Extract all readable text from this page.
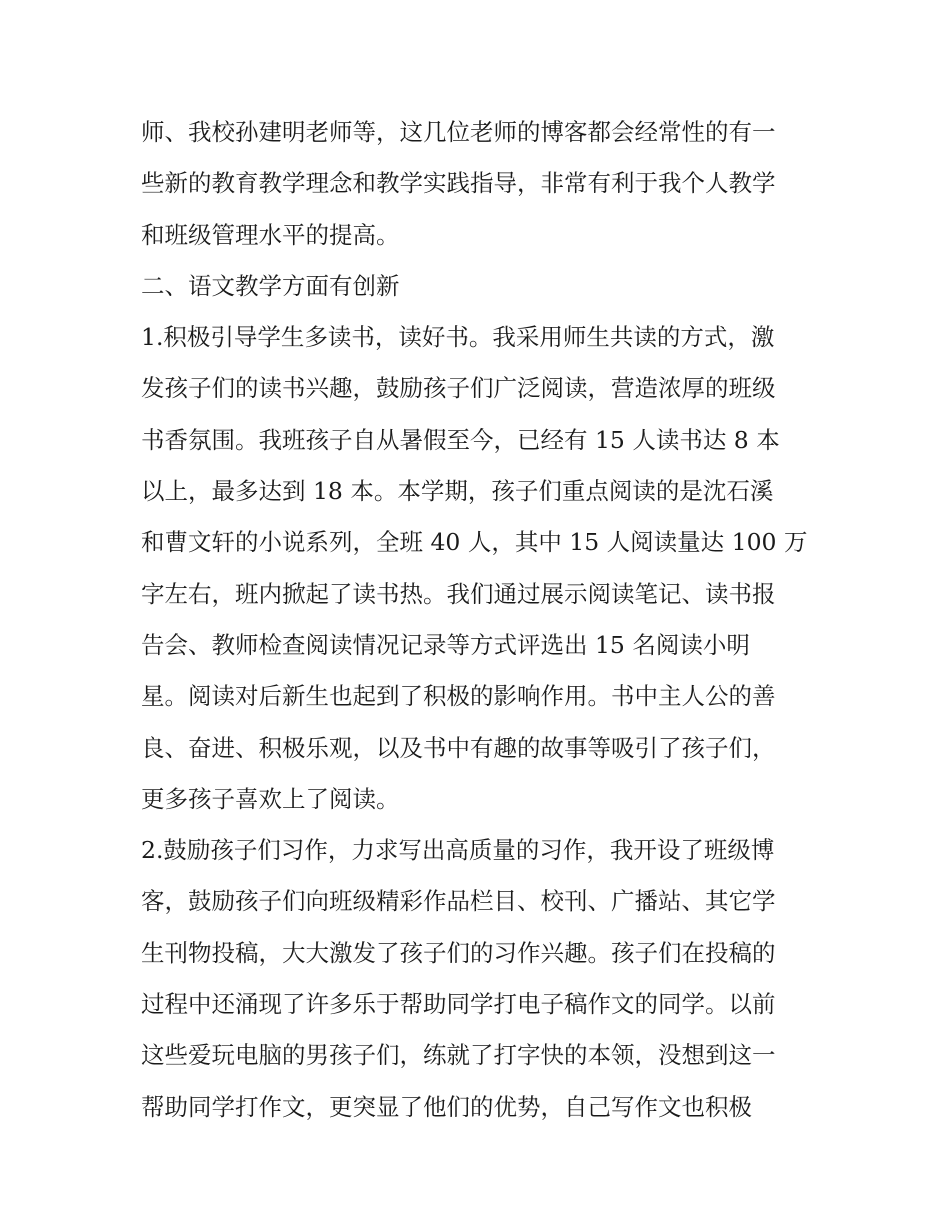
师、我校孙建明老师等，这几位老师的博客都会经常性的有一
些新的教育教学理念和教学实践指导，非常有利于我个人教学
和班级管理水平的提高。
二、语文教学方面有创新
1.积极引导学生多读书，读好书。我采用师生共读的方式，激
发孩子们的读书兴趣，鼓励孩子们广泛阅读，营造浓厚的班级
书香氛围。我班孩子自从暑假至今，已经有 15 人读书达 8 本
以上，最多达到 18 本。本学期，孩子们重点阅读的是沈石溪
和曹文轩的小说系列，全班 40 人，其中 15 人阅读量达 100 万
字左右，班内掀起了读书热。我们通过展示阅读笔记、读书报
告会、教师检查阅读情况记录等方式评选出 15 名阅读小明
星。阅读对后新生也起到了积极的影响作用。书中主人公的善
良、奋进、积极乐观，以及书中有趣的故事等吸引了孩子们，
更多孩子喜欢上了阅读。
2.鼓励孩子们习作，力求写出高质量的习作，我开设了班级博
客，鼓励孩子们向班级精彩作品栏目、校刊、广播站、其它学
生刊物投稿，大大激发了孩子们的习作兴趣。孩子们在投稿的
过程中还涌现了许多乐于帮助同学打电子稿作文的同学。以前
这些爱玩电脑的男孩子们，练就了打字快的本领，没想到这一
帮助同学打作文，更突显了他们的优势，自己写作文也积极
